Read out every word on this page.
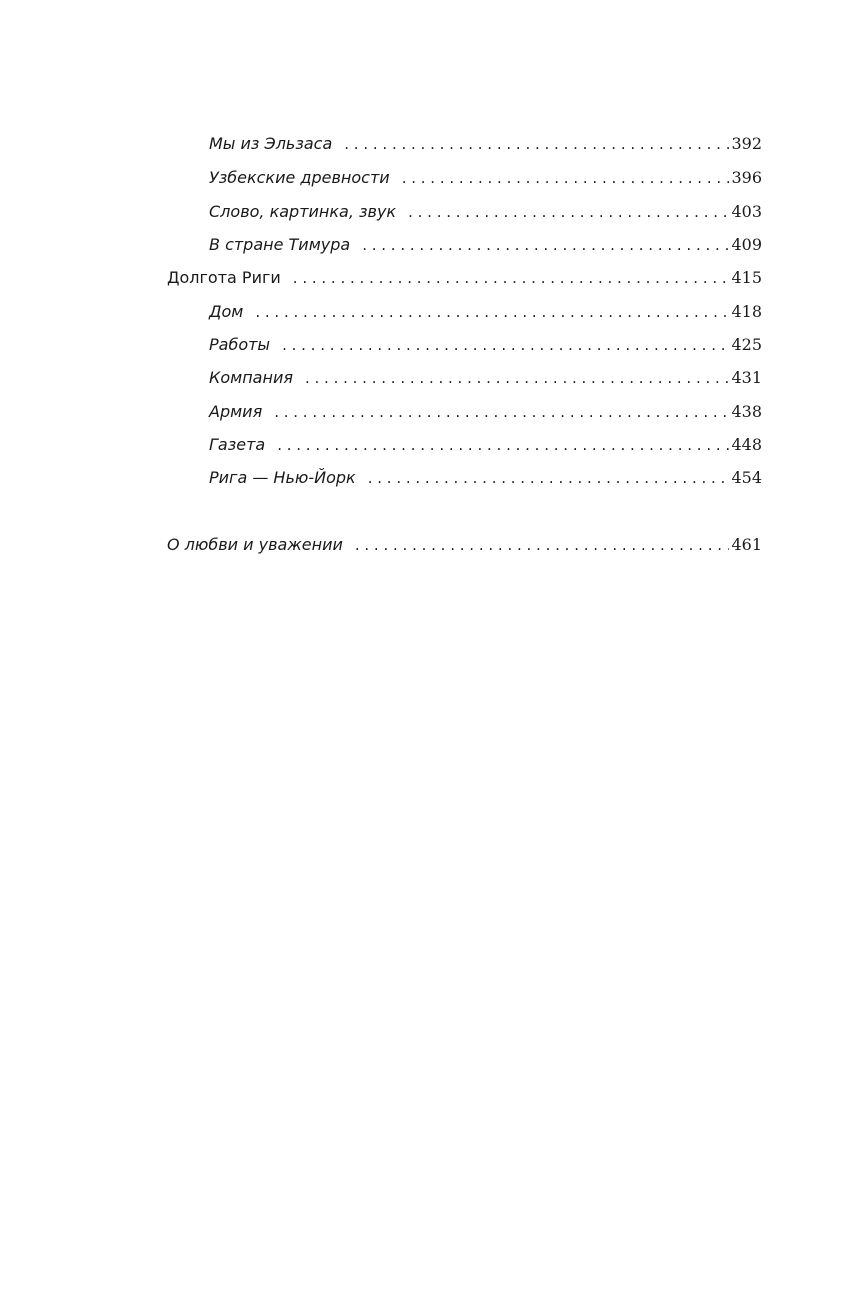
Мы из Эльзаса . . .	392
Узбекские древности . . .	396
Слово, картинка, звук . . .	403
В стране Тимура . . .	409
Долгота Риги . . .	415
Дом . . .	418
Работы . . .	425
Компания . . .	431
Армия . . .	438
Газета . . .	448
Рига — Нью-Йорк . . .	454
О любви и уважении . . .	461
